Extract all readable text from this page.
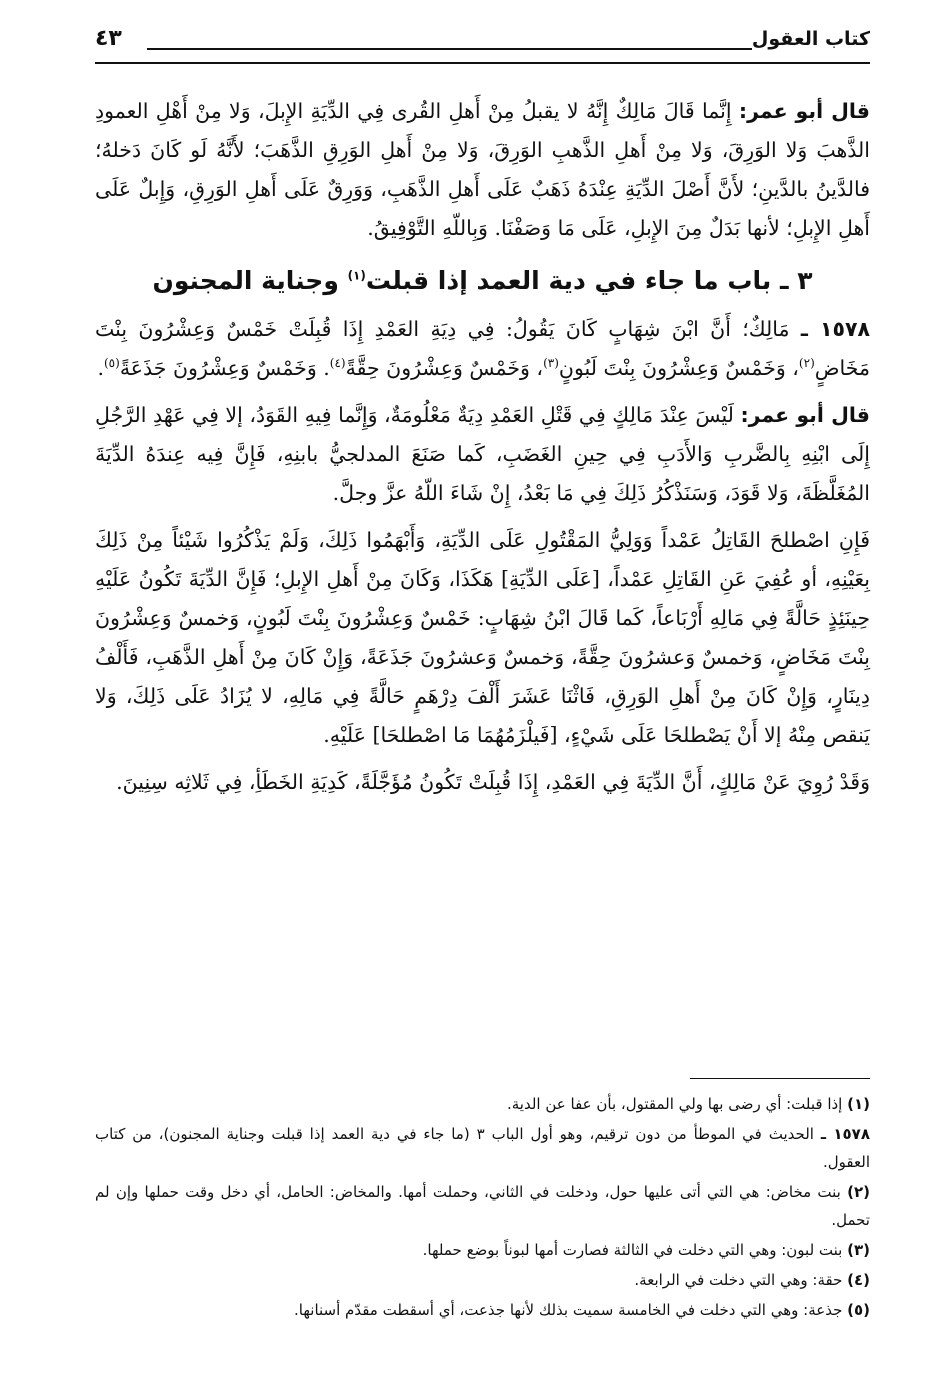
كتاب العقول
٤٣

قال أبو عمر: إِنَّما قَالَ مَالِكٌ إِنَّهُ لا يقبلُ مِنْ أَهلِ القُرى فِي الدِّيَةِ الإِبلَ، وَلا مِنْ أَهْلِ العمودِ الذَّهبَ وَلا الوَرِقَ، وَلا مِنْ أَهلِ الذَّهبِ الوَرِقَ، وَلا مِنْ أَهلِ الوَرِقِ الذَّهَبَ؛ لأَنَّهُ لَو كَانَ دَخلهُ؛ فالدَّينُ بالدَّينِ؛ لأَنَّ أَصْلَ الدِّيَةِ عِنْدَهُ ذَهَبٌ عَلَى أَهلِ الذَّهَبِ، وَوَرِقٌ عَلَى أَهلِ الوَرِقِ، وَإِبلٌ عَلَى أَهلِ الإِبلِ؛ لأنها بَدَلٌ مِنَ الإِبلِ، عَلَى مَا وَصَفْنَا. وَبِاللّهِ التَّوْفِيقُ.

٣ ـ باب ما جاء في دية العمد إذا قبلت$^{(١)}$ وجناية المجنون

١٥٧٨ ـ مَالِكٌ؛ أَنَّ ابْنَ شِهَابٍ كَانَ يَقُولُ: فِي دِيَةِ العَمْدِ إِذَا قُبِلَتْ خَمْسٌ وَعِشْرُونَ بِنْتَ مَخَاضٍ$^{(٢)}$، وَخَمْسٌ وَعِشْرُونَ بِنْتَ لَبُونٍ$^{(٣)}$، وَخَمْسٌ وَعِشْرُونَ حِقَّةً$^{(٤)}$. وَخَمْسٌ وَعِشْرُونَ جَذَعَةً$^{(٥)}$.

قال أبو عمر: لَيْسَ عِنْدَ مَالِكٍ فِي قَتْلِ العَمْدِ دِيَةٌ مَعْلُومَةٌ، وَإِنَّما فِيهِ القَوَدُ، إلا فِي عَهْدِ الرَّجُلِ إِلَى ابْنِهِ بِالضَّربِ وَالأَدَبِ فِي حِينِ الغَضَبِ، كَما صَنَعَ المدلجيُّ بابنِهِ، فَإِنَّ فِيه عِندَهُ الدِّيَةَ المُغَلَّظَةَ، وَلا قَوَدَ، وَسَنَذْكُرُ ذَلِكَ فِي مَا بَعْدُ، إِنْ شَاءَ اللّهُ عزَّ وجلَّ.

فَإِنِ اصْطلحَ القَاتِلُ عَمْداً وَوَلِيُّ المَقْتُولِ عَلَى الدِّيَةِ، وَأَبْهَمُوا ذَلِكَ، وَلَمْ يَذْكُرُوا شَيْئاً مِنْ ذَلِكَ بِعَيْنِهِ، أو عُفِيَ عَنِ القَاتِلِ عَمْداً، [عَلَى الدِّيَةِ] هَكَذَا، وَكَانَ مِنْ أَهلِ الإِبلِ؛ فَإِنَّ الدِّيَةَ تَكُونُ عَلَيْهِ حِينَئِذٍ حَالَّةً فِي مَالِهِ أَرْبَاعاً، كَما قَالَ ابْنُ شِهَابٍ: خَمْسٌ وَعِشْرُونَ بِنْتَ لَبُونٍ، وَخمسٌ وَعِشْرُونَ بِنْتَ مَخَاضٍ، وَخمسٌ وَعشرُونَ حِقَّةً، وَخمسٌ وَعشرُونَ جَذَعَةً، وَإِنْ كَانَ مِنْ أَهلِ الذَّهَبِ، فَأَلْفُ دِينَارٍ، وَإِنْ كَانَ مِنْ أَهلِ الوَرِقِ، فَاثْنَا عَشَرَ أَلْفَ دِرْهَمٍ حَالَّةً فِي مَالِهِ، لا يُزَادُ عَلَى ذَلِكَ، وَلا يَنقص مِنْهُ إلا أَنْ يَصْطلحَا عَلَى شَيْءٍ، [فَيلْزَمُهُمَا مَا اصْطلحَا] عَلَيْهِ.

وَقَدْ رُوِيَ عَنْ مَالِكٍ، أَنَّ الدِّيَةَ فِي العَمْدِ، إِذَا قُبِلَتْ تَكُونُ مُؤَجَّلَةً، كَدِيَةِ الخَطَأِ، فِي ثَلاثِه سِنِينَ.

(١) إذا قبلت: أي رضى بها ولي المقتول، بأن عفا عن الدية.
١٥٧٨ ـ الحديث في الموطأ من دون ترقيم، وهو أول الباب ٣ (ما جاء في دية العمد إذا قبلت وجناية المجنون)، من كتاب العقول.
(٢) بنت مخاض: هي التي أتى عليها حول، ودخلت في الثاني، وحملت أمها. والمخاض: الحامل، أي دخل وقت حملها وإن لم تحمل.
(٣) بنت لبون: وهي التي دخلت في الثالثة فصارت أمها لبوناً بوضع حملها.
(٤) حقة: وهي التي دخلت في الرابعة.
(٥) جذعة: وهي التي دخلت في الخامسة سميت بذلك لأنها جذعت، أي أسقطت مقدّم أسنانها.
